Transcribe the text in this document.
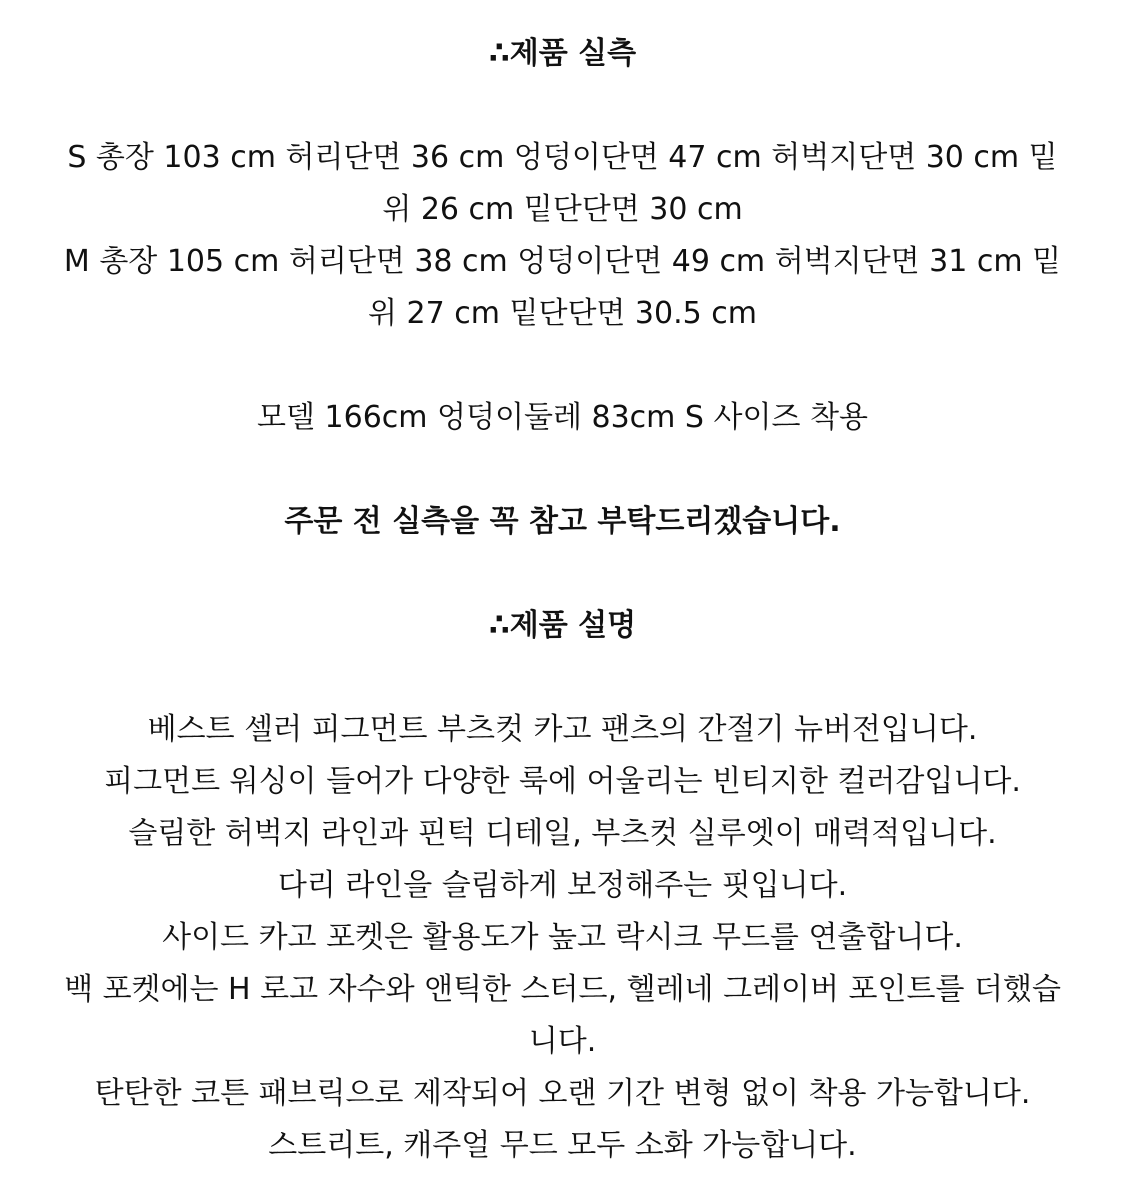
∴제품 실측

S 총장 103 cm 허리단면 36 cm 엉덩이단면 47 cm 허벅지단면 30 cm 밑

위 26 cm 밑단단면 30 cm

M 총장 105 cm 허리단면 38 cm 엉덩이단면 49 cm 허벅지단면 31 cm 밑

위 27 cm 밑단단면 30.5 cm

모델 166cm 엉덩이둘레 83cm S 사이즈 착용

주문 전 실측을 꼭 참고 부탁드리겠습니다.

∴제품 설명

베스트 셀러 피그먼트 부츠컷 카고 팬츠의 간절기 뉴버전입니다.

피그먼트 워싱이 들어가 다양한 룩에 어울리는 빈티지한 컬러감입니다.

슬림한 허벅지 라인과 핀턱 디테일, 부츠컷 실루엣이 매력적입니다.

다리 라인을 슬림하게 보정해주는 핏입니다.

사이드 카고 포켓은 활용도가 높고 락시크 무드를 연출합니다.

백 포켓에는 H 로고 자수와 앤틱한 스터드, 헬레네 그레이버 포인트를 더했습

니다.

탄탄한 코튼 패브릭으로 제작되어 오랜 기간 변형 없이 착용 가능합니다.

스트리트, 캐주얼 무드 모두 소화 가능합니다.
